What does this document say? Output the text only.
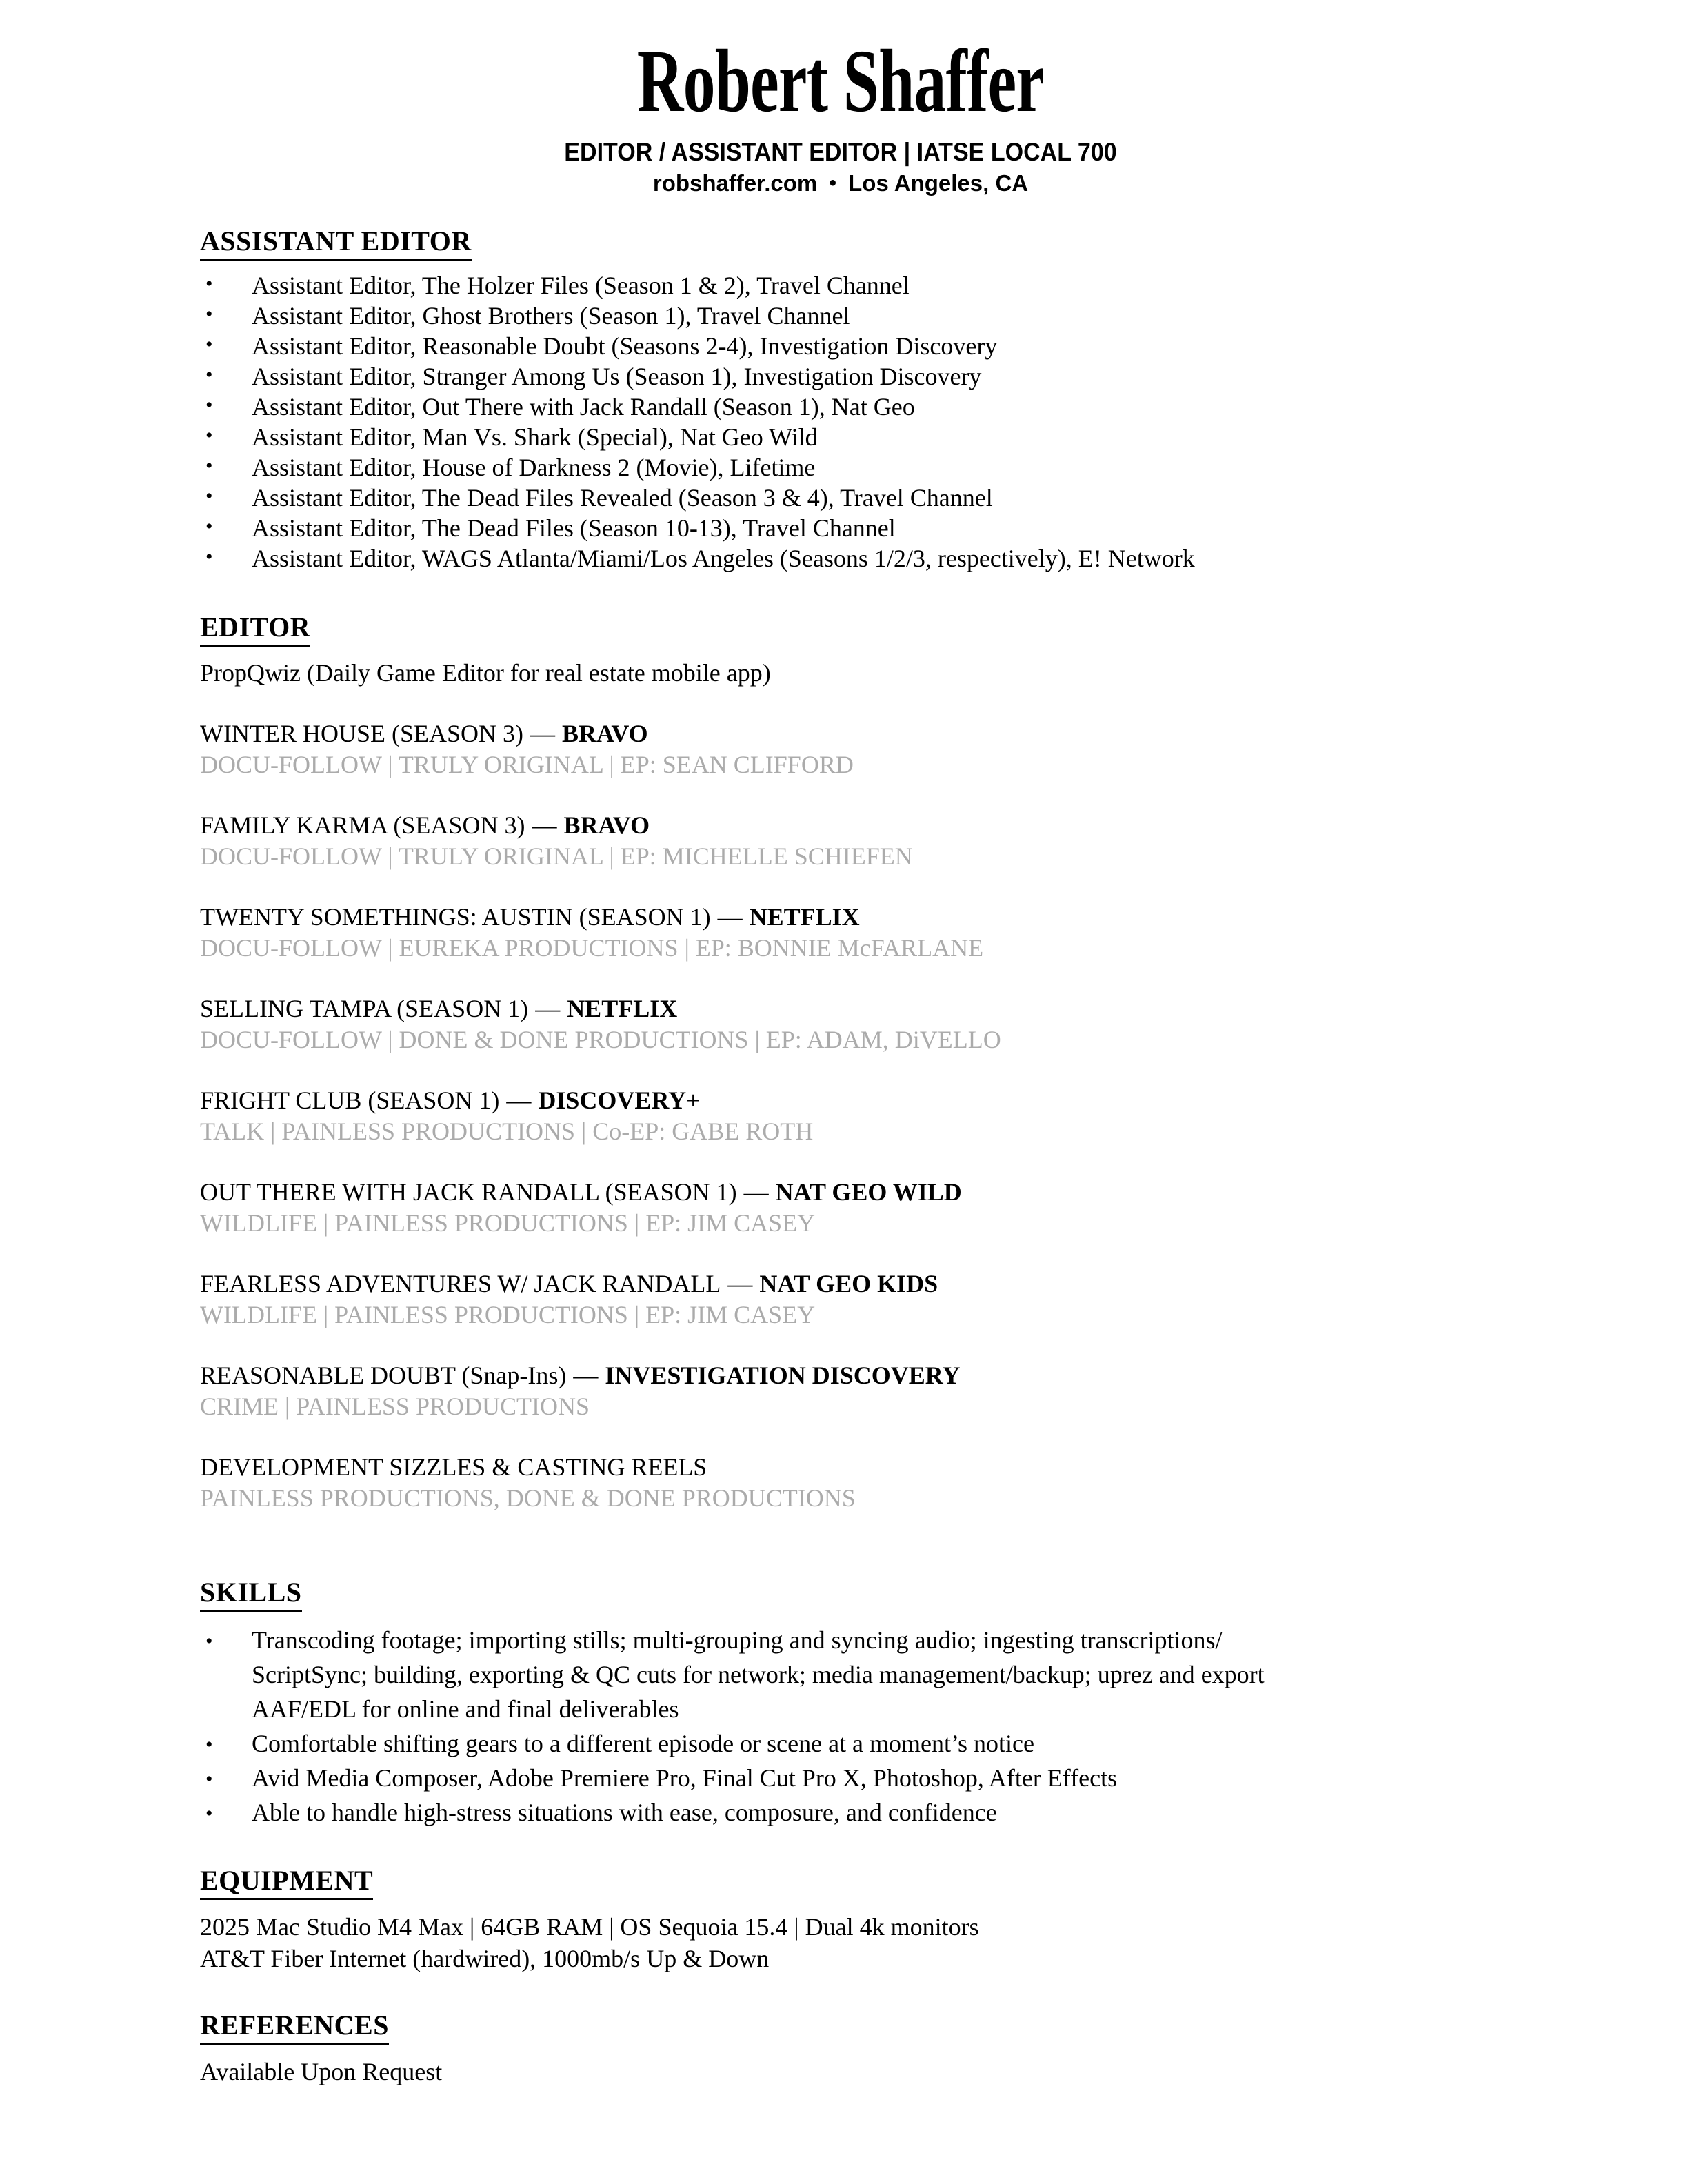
Robert Shaffer
EDITOR / ASSISTANT EDITOR | IATSE LOCAL 700
robshaffer.com • Los Angeles, CA
ASSISTANT EDITOR
• Assistant Editor, The Holzer Files (Season 1 & 2), Travel Channel
• Assistant Editor, Ghost Brothers (Season 1), Travel Channel
• Assistant Editor, Reasonable Doubt (Seasons 2-4), Investigation Discovery
• Assistant Editor, Stranger Among Us (Season 1), Investigation Discovery
• Assistant Editor, Out There with Jack Randall (Season 1), Nat Geo
• Assistant Editor, Man Vs. Shark (Special), Nat Geo Wild
• Assistant Editor, House of Darkness 2 (Movie), Lifetime
• Assistant Editor, The Dead Files Revealed (Season 3 & 4), Travel Channel
• Assistant Editor, The Dead Files (Season 10-13), Travel Channel
• Assistant Editor, WAGS Atlanta/Miami/Los Angeles (Seasons 1/2/3, respectively), E! Network
EDITOR
PropQwiz (Daily Game Editor for real estate mobile app)
WINTER HOUSE (SEASON 3) — BRAVO
DOCU-FOLLOW | TRULY ORIGINAL | EP: SEAN CLIFFORD
FAMILY KARMA (SEASON 3) — BRAVO
DOCU-FOLLOW | TRULY ORIGINAL | EP: MICHELLE SCHIEFEN
TWENTY SOMETHINGS: AUSTIN (SEASON 1) — NETFLIX
DOCU-FOLLOW | EUREKA PRODUCTIONS | EP: BONNIE McFARLANE
SELLING TAMPA (SEASON 1) — NETFLIX
DOCU-FOLLOW | DONE & DONE PRODUCTIONS | EP: ADAM, DiVELLO
FRIGHT CLUB (SEASON 1) — DISCOVERY+
TALK | PAINLESS PRODUCTIONS | Co-EP: GABE ROTH
OUT THERE WITH JACK RANDALL (SEASON 1) — NAT GEO WILD
WILDLIFE | PAINLESS PRODUCTIONS | EP: JIM CASEY
FEARLESS ADVENTURES W/ JACK RANDALL — NAT GEO KIDS
WILDLIFE | PAINLESS PRODUCTIONS | EP: JIM CASEY
REASONABLE DOUBT (Snap-Ins) — INVESTIGATION DISCOVERY
CRIME | PAINLESS PRODUCTIONS
DEVELOPMENT SIZZLES & CASTING REELS
PAINLESS PRODUCTIONS, DONE & DONE PRODUCTIONS
SKILLS
• Transcoding footage; importing stills; multi-grouping and syncing audio; ingesting transcriptions/
ScriptSync; building, exporting & QC cuts for network; media management/backup; uprez and export
AAF/EDL for online and final deliverables
• Comfortable shifting gears to a different episode or scene at a moment’s notice
• Avid Media Composer, Adobe Premiere Pro, Final Cut Pro X, Photoshop, After Effects
• Able to handle high-stress situations with ease, composure, and confidence
EQUIPMENT
2025 Mac Studio M4 Max | 64GB RAM | OS Sequoia 15.4 | Dual 4k monitors
AT&T Fiber Internet (hardwired), 1000mb/s Up & Down
REFERENCES
Available Upon Request
